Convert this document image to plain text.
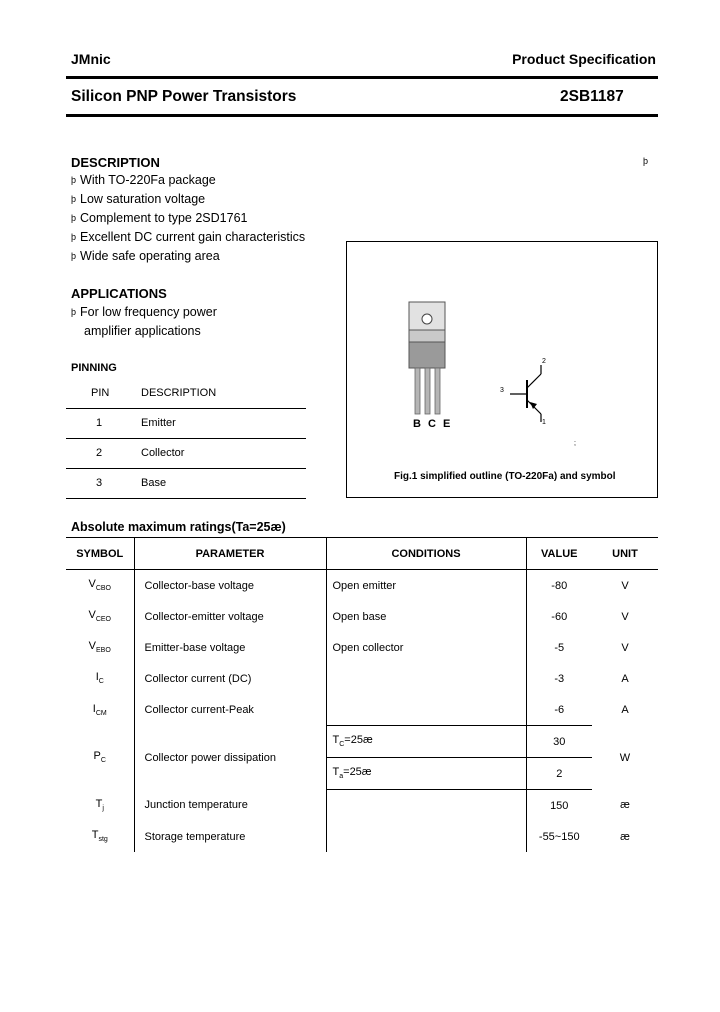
JMnic	Product Specification
Silicon PNP Power Transistors	2SB1187
DESCRIPTION	þ
þ With TO-220Fa package
þ Low saturation voltage
þ Complement to type 2SD1761
þ Excellent DC current gain characteristics
þ Wide safe operating area
APPLICATIONS
þ For low frequency power
amplifier applications
PINNING
PIN	DESCRIPTION
1	Emitter
2	Collector
3	Base
B C E
2
3
1
;
Fig.1 simplified outline (TO-220Fa) and symbol
Absolute maximum ratings(Ta=25æ)
SYMBOL	PARAMETER	CONDITIONS	VALUE	UNIT
$V_{CBO}$	Collector-base voltage	Open emitter	-80	V
$V_{CEO}$	Collector-emitter voltage	Open base	-60	V
$V_{EBO}$	Emitter-base voltage	Open collector	-5	V
$I_C$	Collector current (DC)		-3	A
$I_{CM}$	Collector current-Peak		-6	A
$P_C$	Collector power dissipation	$T_C=25æ$	30	W
		$T_a=25æ$	2	
$T_j$	Junction temperature		150	æ
$T_{stg}$	Storage temperature		-55~150	æ
